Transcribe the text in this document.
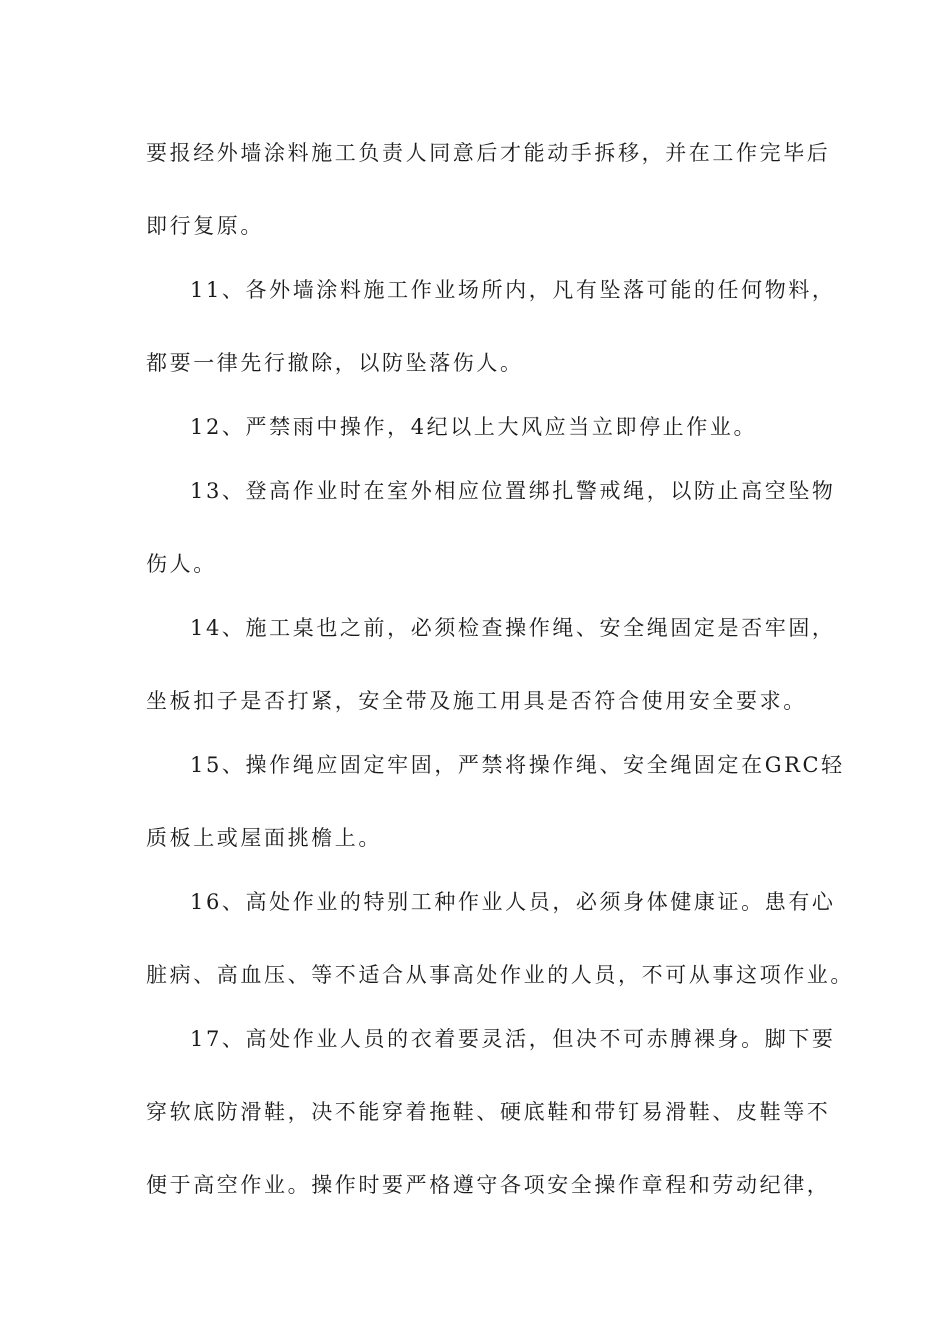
要报经外墙涂料施工负责人同意后才能动手拆移，并在工作完毕后
即行复原。
11、各外墙涂料施工作业场所内，凡有坠落可能的任何物料，
都要一律先行撤除，以防坠落伤人。
12、严禁雨中操作，4纪以上大风应当立即停止作业。
13、登高作业时在室外相应位置绑扎警戒绳，以防止高空坠物
伤人。
14、施工桌也之前，必须检查操作绳、安全绳固定是否牢固，
坐板扣子是否打紧，安全带及施工用具是否符合使用安全要求。
15、操作绳应固定牢固，严禁将操作绳、安全绳固定在GRC轻
质板上或屋面挑檐上。
16、高处作业的特别工种作业人员，必须身体健康证。患有心
脏病、高血压、等不适合从事高处作业的人员，不可从事这项作业。
17、高处作业人员的衣着要灵活，但决不可赤膊裸身。脚下要
穿软底防滑鞋，决不能穿着拖鞋、硬底鞋和带钉易滑鞋、皮鞋等不
便于高空作业。操作时要严格遵守各项安全操作章程和劳动纪律，
